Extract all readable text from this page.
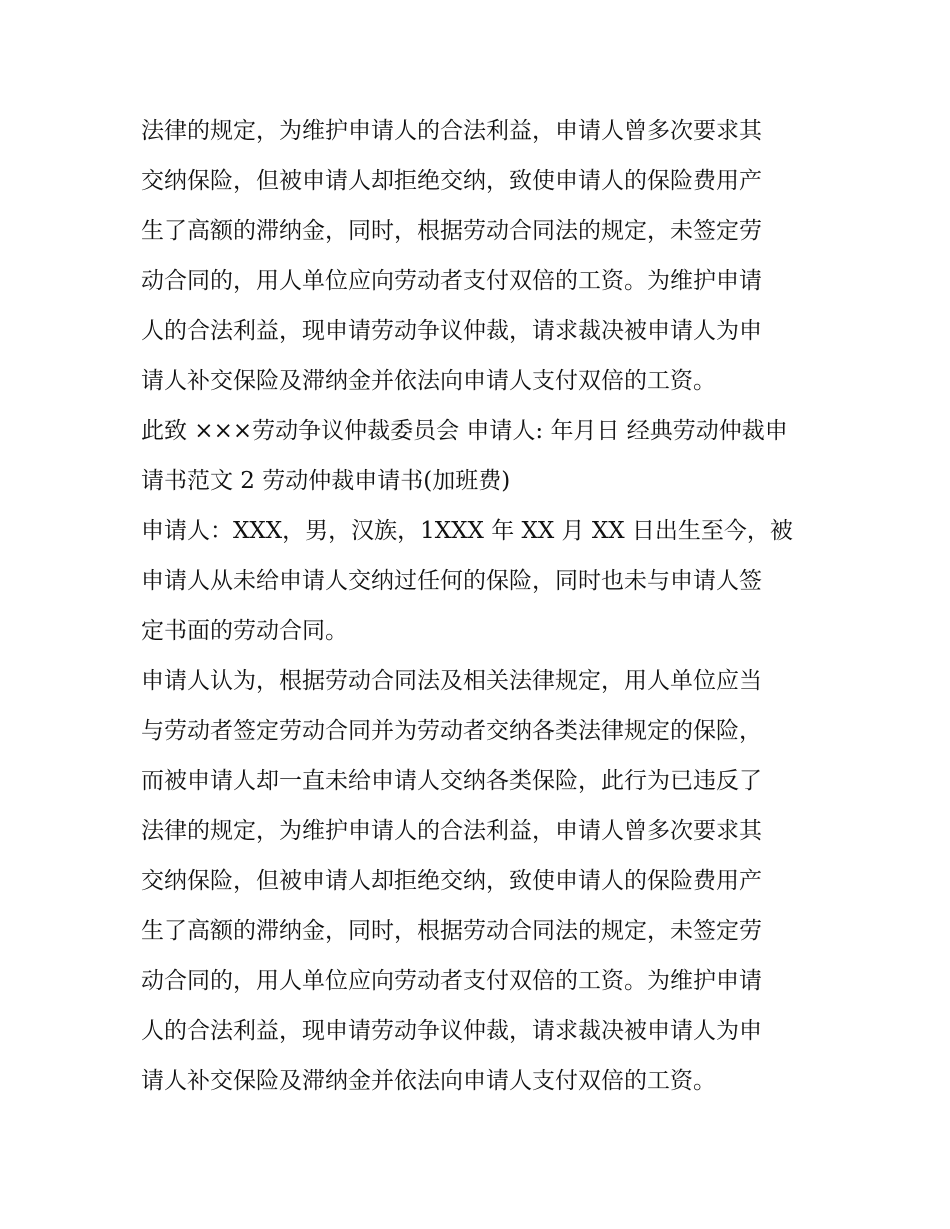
法律的规定，为维护申请人的合法利益，申请人曾多次要求其
交纳保险，但被申请人却拒绝交纳，致使申请人的保险费用产
生了高额的滞纳金，同时，根据劳动合同法的规定，未签定劳
动合同的，用人单位应向劳动者支付双倍的工资。为维护申请
人的合法利益，现申请劳动争议仲裁，请求裁决被申请人为申
请人补交保险及滞纳金并依法向申请人支付双倍的工资。
此致 ×××劳动争议仲裁委员会 申请人: 年月日 经典劳动仲裁申
请书范文 2 劳动仲裁申请书(加班费)
申请人：XXX，男，汉族，1XXX 年 XX 月 XX 日出生至今，被
申请人从未给申请人交纳过任何的保险，同时也未与申请人签
定书面的劳动合同。
申请人认为，根据劳动合同法及相关法律规定，用人单位应当
与劳动者签定劳动合同并为劳动者交纳各类法律规定的保险，
而被申请人却一直未给申请人交纳各类保险，此行为已违反了
法律的规定，为维护申请人的合法利益，申请人曾多次要求其
交纳保险，但被申请人却拒绝交纳，致使申请人的保险费用产
生了高额的滞纳金，同时，根据劳动合同法的规定，未签定劳
动合同的，用人单位应向劳动者支付双倍的工资。为维护申请
人的合法利益，现申请劳动争议仲裁，请求裁决被申请人为申
请人补交保险及滞纳金并依法向申请人支付双倍的工资。
